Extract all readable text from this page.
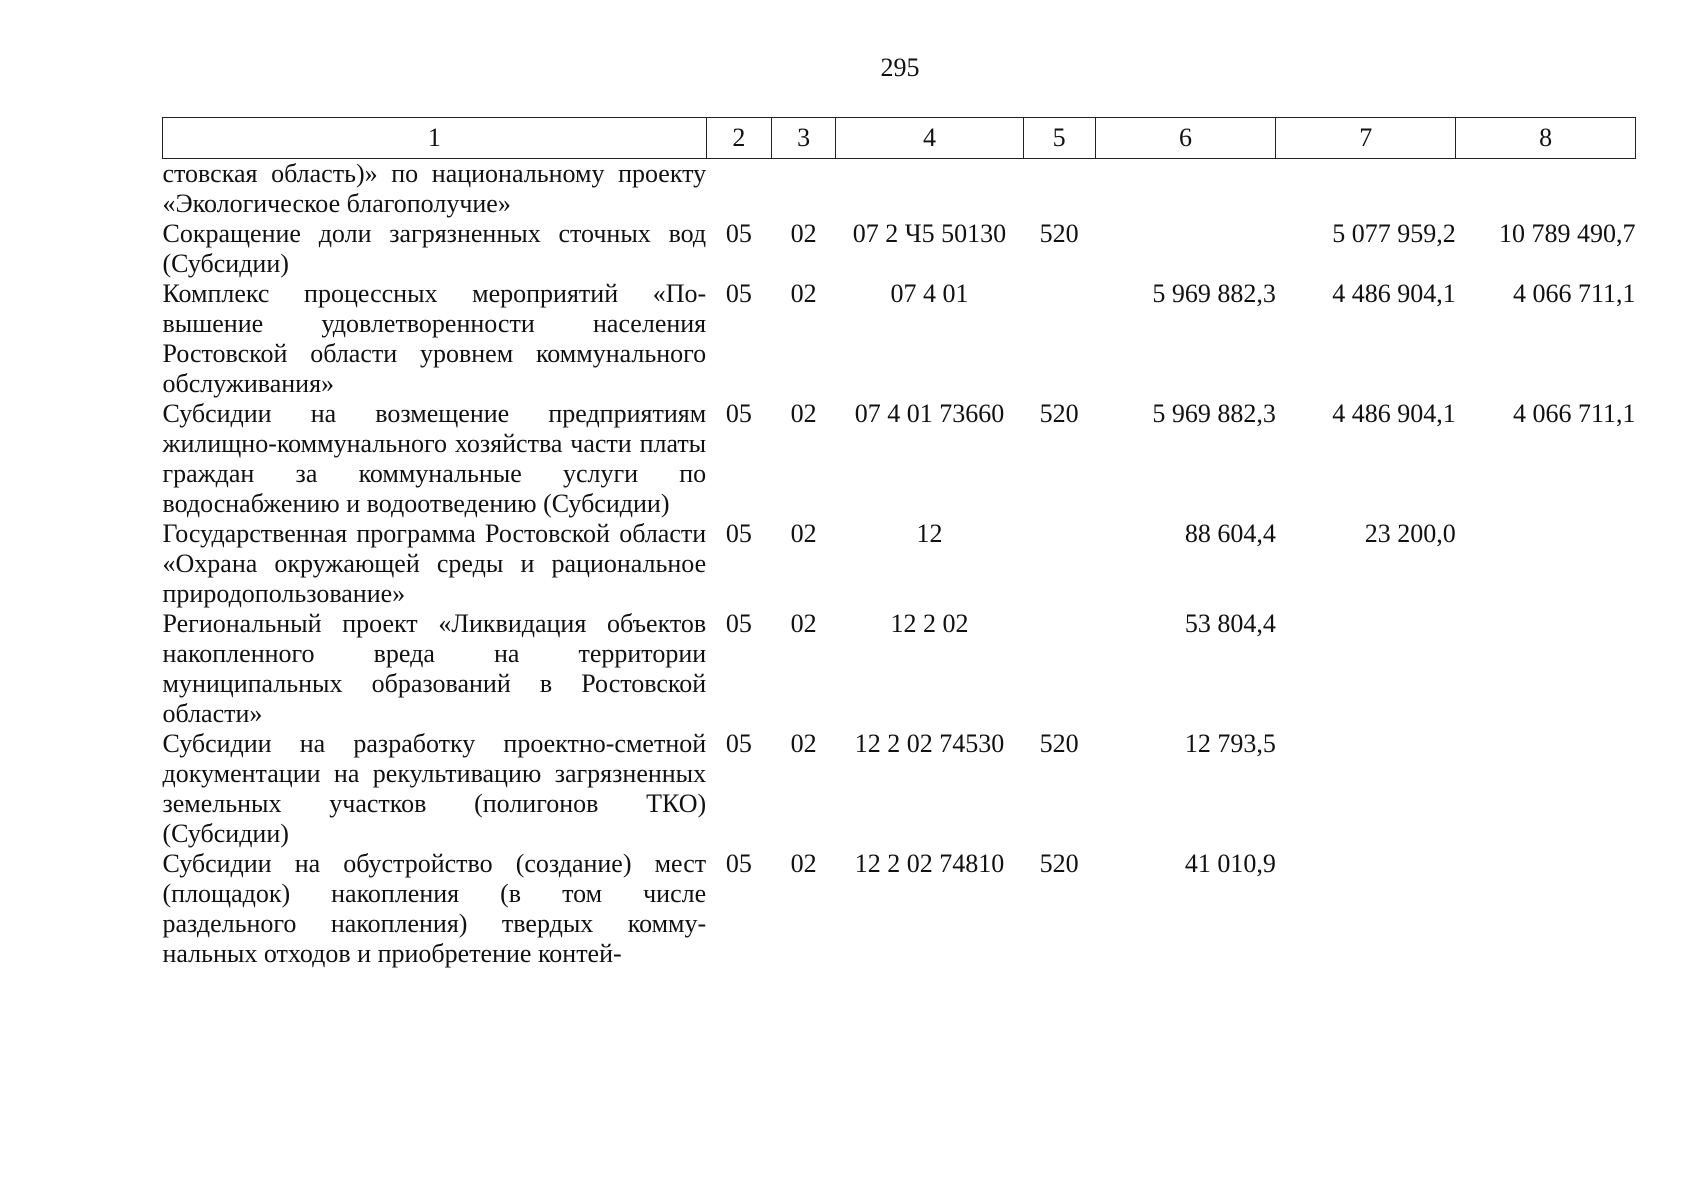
295
1	2	3	4	5	6	7	8
стовская область)» по национальному проекту «Экологическое благополучие»							
Сокращение доли загрязненных сточных вод (Субсидии)	05	02	07 2 Ч5 50130	520		5 077 959,2	10 789 490,7
Комплекс процессных мероприятий «Повышение удовлетворенности населения Ростовской области уровнем коммунального обслуживания»	05	02	07 4 01		5 969 882,3	4 486 904,1	4 066 711,1
Субсидии на возмещение предприятиям жилищно-коммунального хозяйства части платы граждан за коммунальные услуги по водоснабжению и водоотведению (Субсидии)	05	02	07 4 01 73660	520	5 969 882,3	4 486 904,1	4 066 711,1
Государственная программа Ростовской области «Охрана окружающей среды и рациональное природопользование»	05	02	12		88 604,4	23 200,0	
Региональный проект «Ликвидация объектов накопленного вреда на территории муниципальных образований в Ростовской области»	05	02	12 2 02		53 804,4		
Субсидии на разработку проектно-сметной документации на рекультивацию загрязненных земельных участков (полигонов ТКО) (Субсидии)	05	02	12 2 02 74530	520	12 793,5		
Субсидии на обустройство (создание) мест (площадок) накопления (в том числе раздельного накопления) твердых коммунальных отходов и приобретение контей-	05	02	12 2 02 74810	520	41 010,9		
